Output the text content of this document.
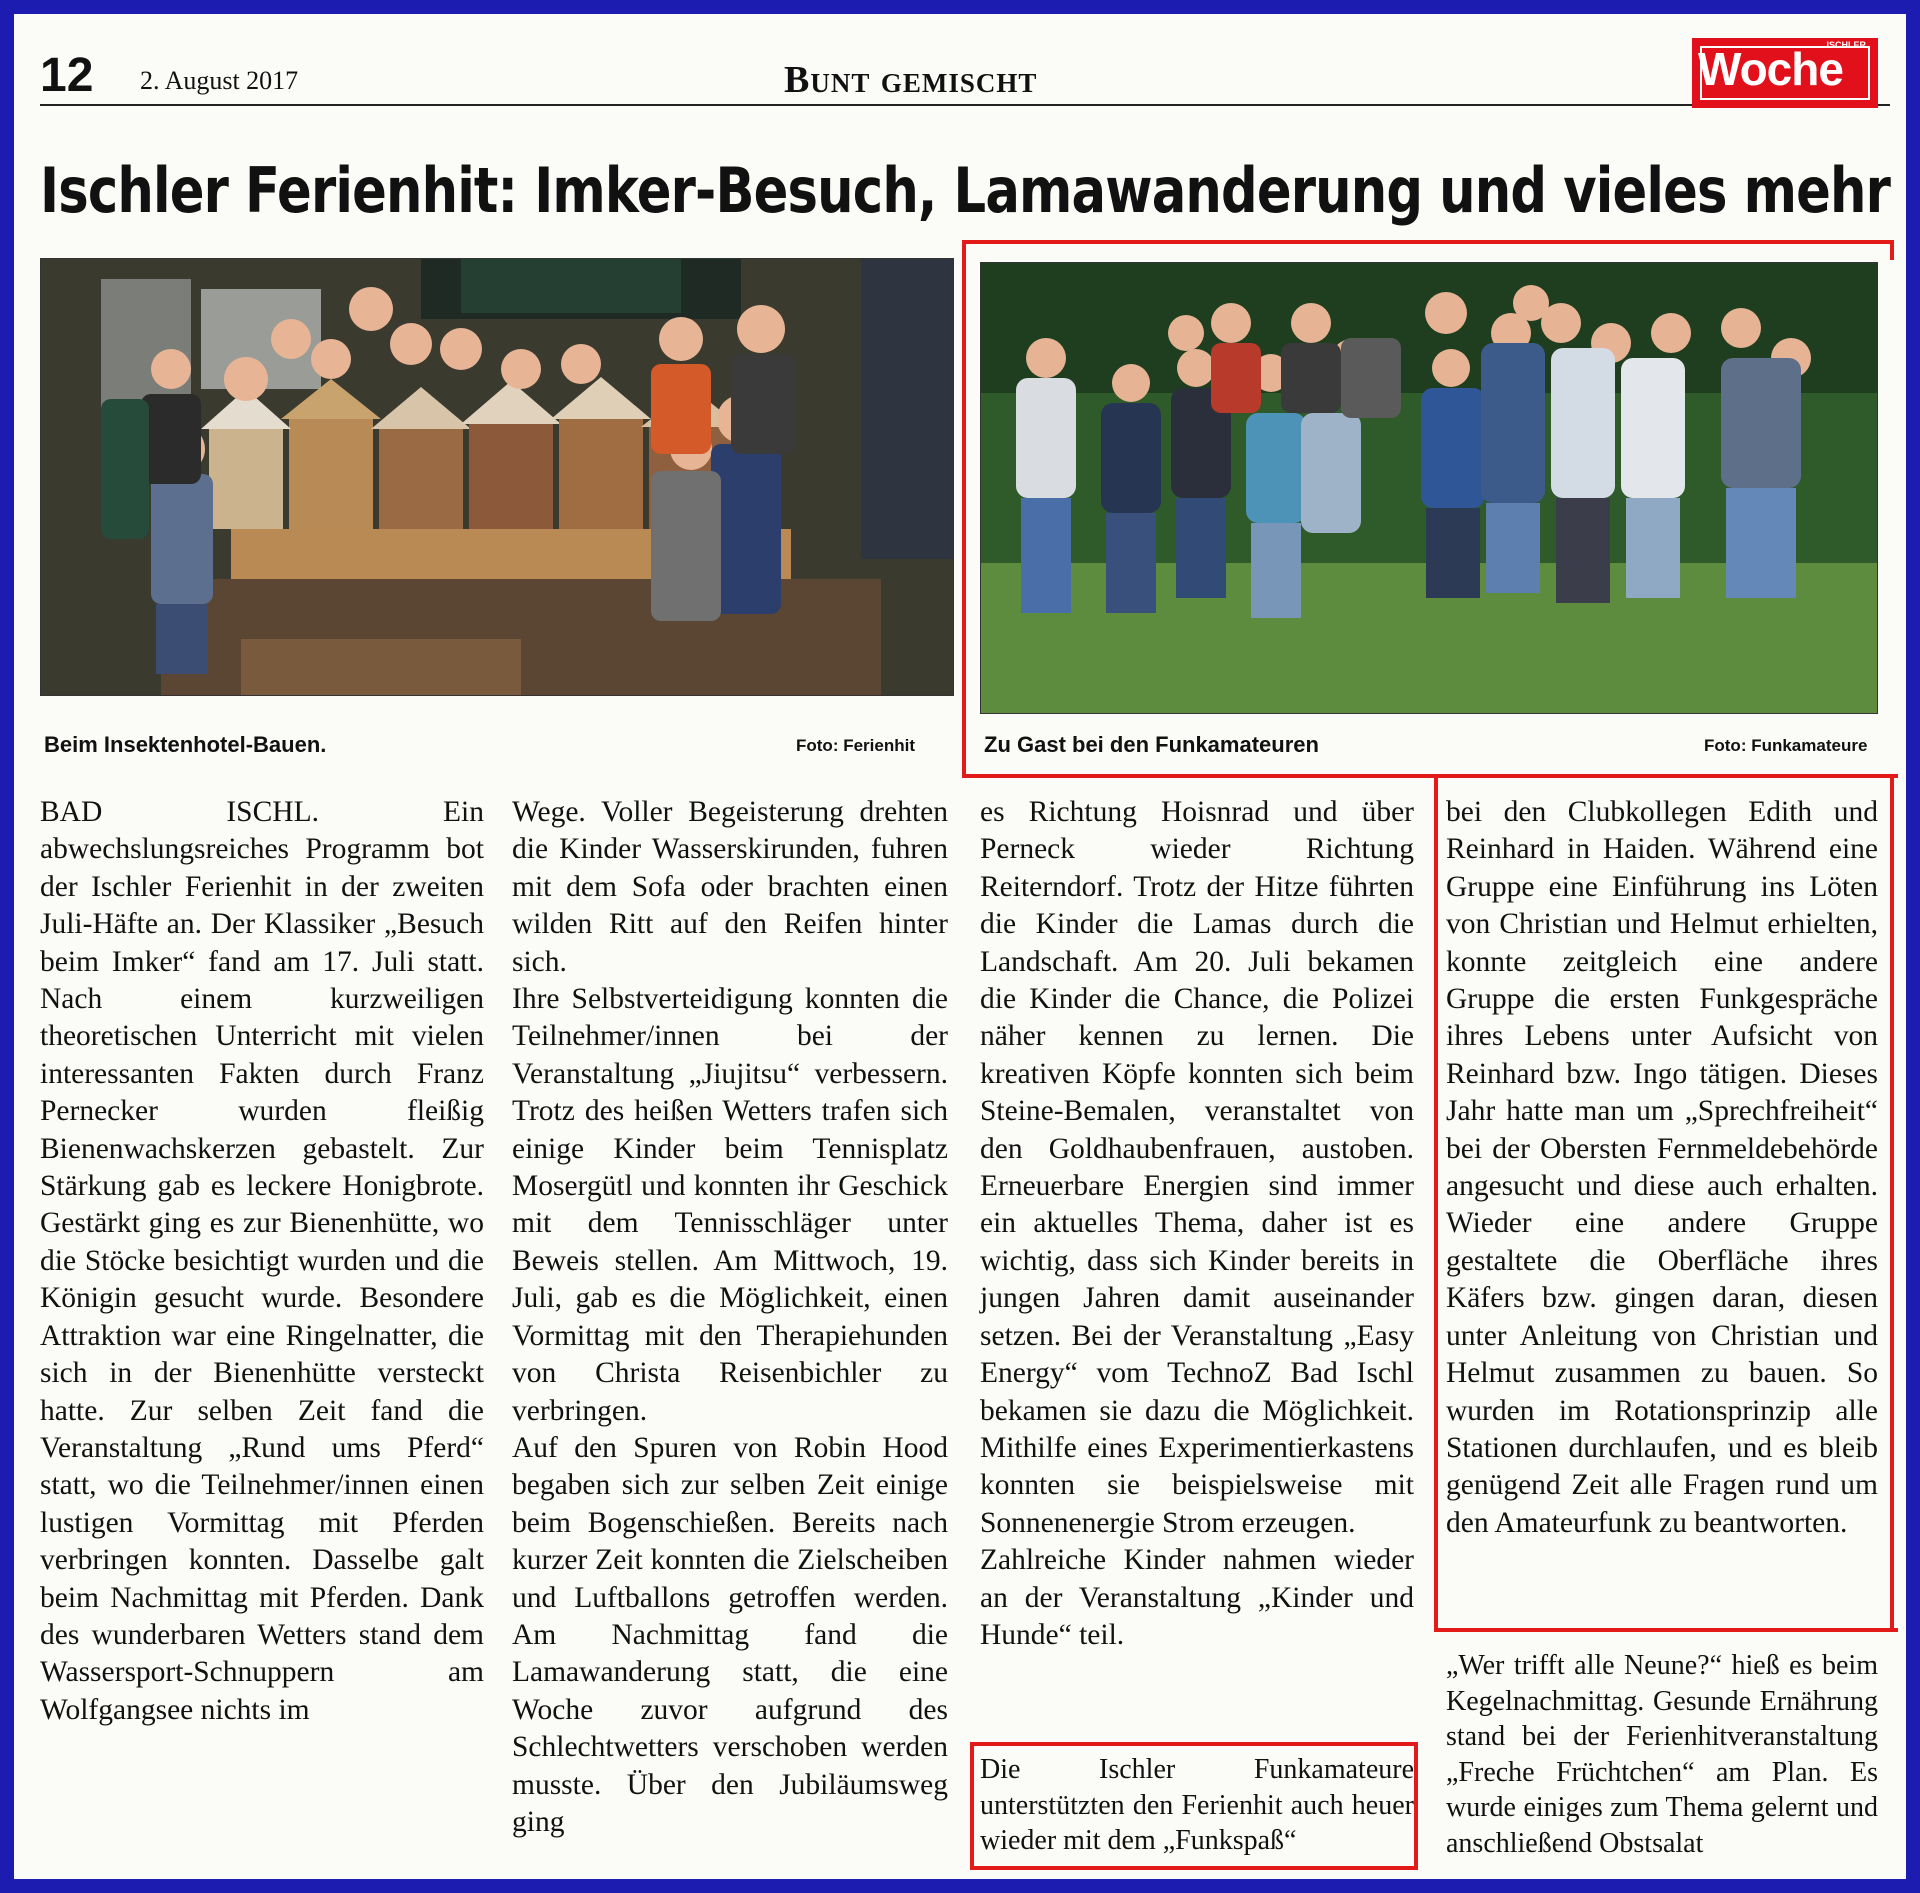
12 2. August 2017	Bunt gemischt
ISCHLER
Woche
Ischler Ferienhit: Imker-Besuch, Lamawanderung und vieles mehr
Beim Insektenhotel-Bauen.	Foto: Ferienhit	Zu Gast bei den Funkamateuren	Foto: Funkamateure

BAD ISCHL. Ein abwechslungsreiches Programm bot der Ischler Ferienhit in der zweiten Juli-Häfte an. Der Klassiker „Besuch beim Imker“ fand am 17. Juli statt. Nach einem kurzweiligen theoretischen Unterricht mit vielen interessanten Fakten durch Franz Pernecker wurden fleißig Bienenwachskerzen gebastelt. Zur Stärkung gab es leckere Honigbrote. Gestärkt ging es zur Bienenhütte, wo die Stöcke besichtigt wurden und die Königin gesucht wurde. Besondere Attraktion war eine Ringelnatter, die sich in der Bienenhütte versteckt hatte. Zur selben Zeit fand die Veranstaltung „Rund ums Pferd“ statt, wo die Teilnehmer/innen einen lustigen Vormittag mit Pferden verbringen konnten. Dasselbe galt beim Nachmittag mit Pferden. Dank des wunderbaren Wetters stand dem Wassersport-Schnuppern am Wolfgangsee nichts im

Wege. Voller Begeisterung drehten die Kinder Wasserskirunden, fuhren mit dem Sofa oder brachten einen wilden Ritt auf den Reifen hinter sich.

Ihre Selbstverteidigung konnten die Teilnehmer/innen bei der Veranstaltung „Jiujitsu“ verbessern. Trotz des heißen Wetters trafen sich einige Kinder beim Tennisplatz Mosergütl und konnten ihr Geschick mit dem Tennisschläger unter Beweis stellen. Am Mittwoch, 19. Juli, gab es die Möglichkeit, einen Vormittag mit den Therapiehunden von Christa Reisenbichler zu verbringen.

Auf den Spuren von Robin Hood begaben sich zur selben Zeit einige beim Bogenschießen. Bereits nach kurzer Zeit konnten die Zielscheiben und Luftballons getroffen werden. Am Nachmittag fand die Lamawanderung statt, die eine Woche zuvor aufgrund des Schlechtwetters verschoben werden musste. Über den Jubiläumsweg ging

es Richtung Hoisnrad und über Perneck wieder Richtung Reiterndorf. Trotz der Hitze führten die Kinder die Lamas durch die Landschaft. Am 20. Juli bekamen die Kinder die Chance, die Polizei näher kennen zu lernen. Die kreativen Köpfe konnten sich beim Steine-Bemalen, veranstaltet von den Goldhaubenfrauen, austoben. Erneuerbare Energien sind immer ein aktuelles Thema, daher ist es wichtig, dass sich Kinder bereits in jungen Jahren damit auseinander setzen. Bei der Veranstaltung „Easy Energy“ vom TechnoZ Bad Ischl bekamen sie dazu die Möglichkeit. Mithilfe eines Experimentierkastens konnten sie beispielsweise mit Sonnenenergie Strom erzeugen.

Zahlreiche Kinder nahmen wieder an der Veranstaltung „Kinder und Hunde“ teil.

Die Ischler Funkamateure unterstützten den Ferienhit auch heuer wieder mit dem „Funkspaß“

bei den Clubkollegen Edith und Reinhard in Haiden. Während eine Gruppe eine Einführung ins Löten von Christian und Helmut erhielten, konnte zeitgleich eine andere Gruppe die ersten Funkgespräche ihres Lebens unter Aufsicht von Reinhard bzw. Ingo tätigen. Dieses Jahr hatte man um „Sprechfreiheit“ bei der Obersten Fernmeldebehörde angesucht und diese auch erhalten. Wieder eine andere Gruppe gestaltete die Oberfläche ihres Käfers bzw. gingen daran, diesen unter Anleitung von Christian und Helmut zusammen zu bauen. So wurden im Rotationsprinzip alle Stationen durchlaufen, und es bleib genügend Zeit alle Fragen rund um den Amateurfunk zu beantworten.

„Wer trifft alle Neune?“ hieß es beim Kegelnachmittag. Gesunde Ernährung stand bei der Ferienhitveranstaltung „Freche Früchtchen“ am Plan. Es wurde einiges zum Thema gelernt und anschließend Obstsalat
